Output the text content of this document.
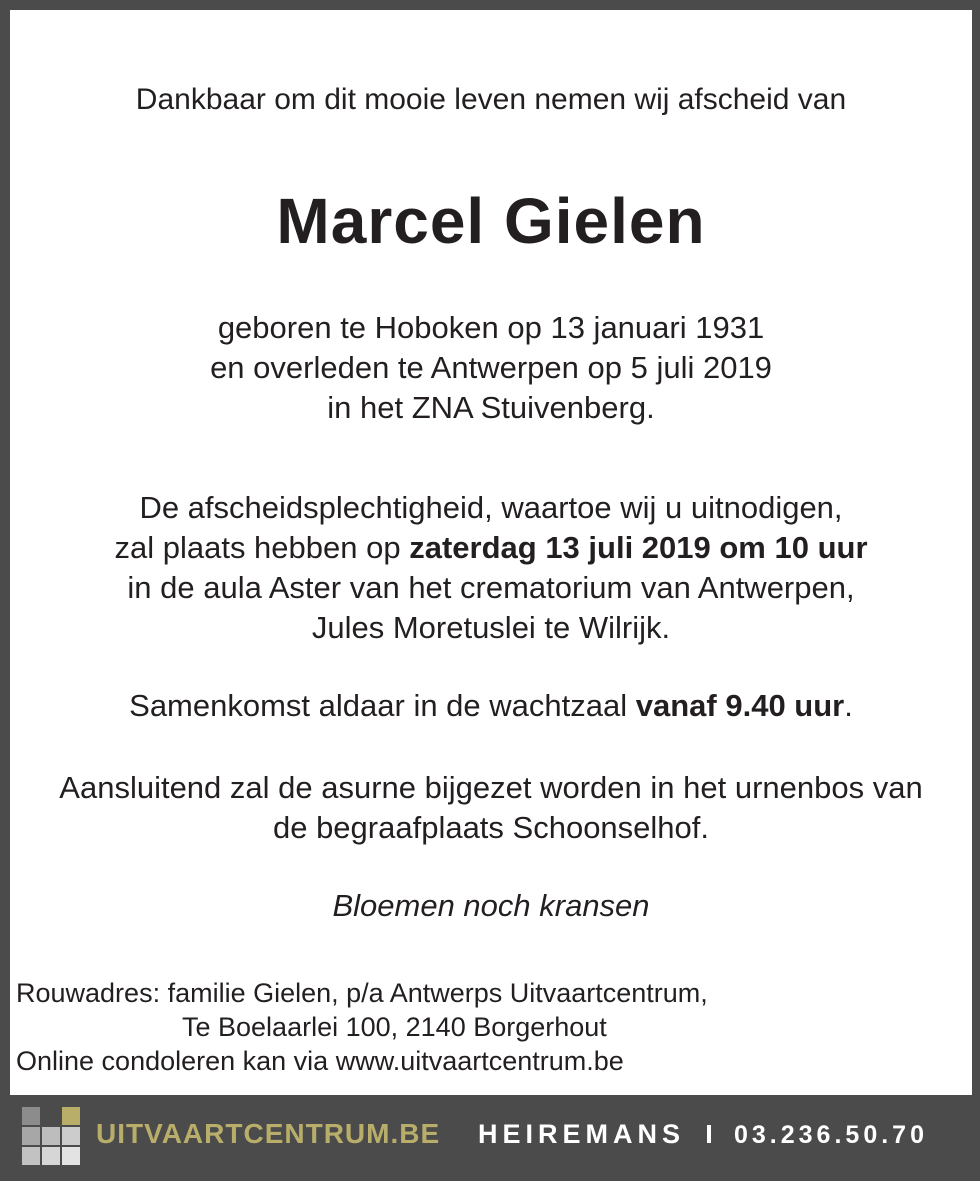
Dankbaar om dit mooie leven nemen wij afscheid van
Marcel Gielen
geboren te Hoboken op 13 januari 1931
en overleden te Antwerpen op 5 juli 2019
in het ZNA Stuivenberg.
De afscheidsplechtigheid, waartoe wij u uitnodigen,
zal plaats hebben op zaterdag 13 juli 2019 om 10 uur
in de aula Aster van het crematorium van Antwerpen,
Jules Moretuslei te Wilrijk.
Samenkomst aldaar in de wachtzaal vanaf 9.40 uur.
Aansluitend zal de asurne bijgezet worden in het urnenbos van
de begraafplaats Schoonselhof.
Bloemen noch kransen
Rouwadres: familie Gielen, p/a Antwerps Uitvaartcentrum,
Te Boelaarlei 100, 2140 Borgerhout
Online condoleren kan via www.uitvaartcentrum.be
UITVAARTCENTRUM.BE HEIREMANS 03.236.50.70
